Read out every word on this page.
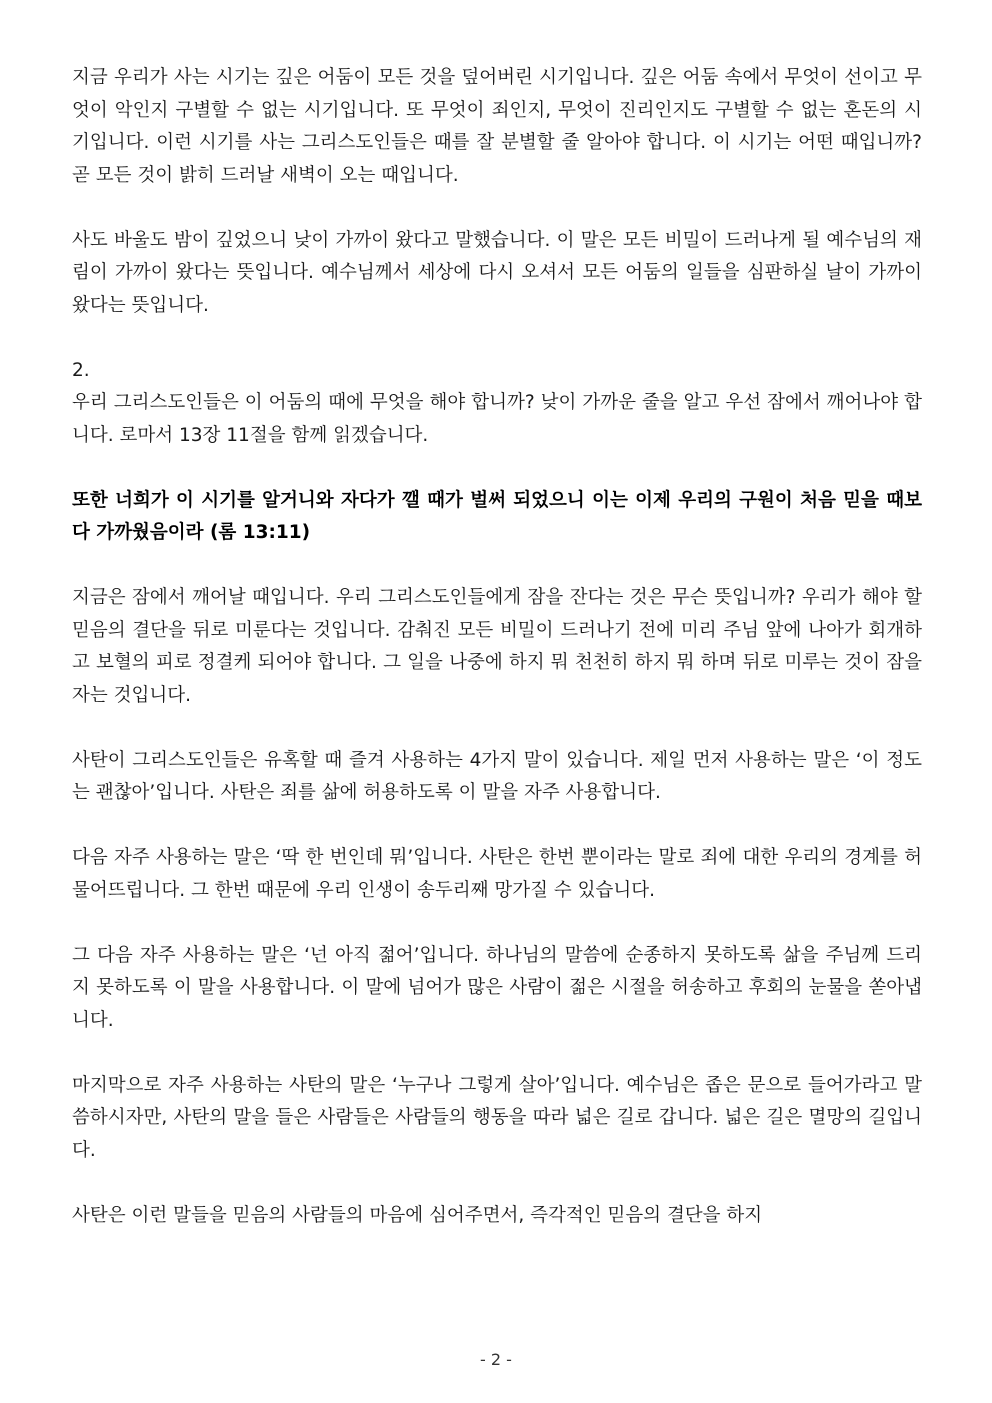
지금 우리가 사는 시기는 깊은 어둠이 모든 것을 덮어버린 시기입니다. 깊은 어둠 속에서 무엇이 선이고 무엇이 악인지 구별할 수 없는 시기입니다. 또 무엇이 죄인지, 무엇이 진리인지도 구별할 수 없는 혼돈의 시기입니다. 이런 시기를 사는 그리스도인들은 때를 잘 분별할 줄 알아야 합니다. 이 시기는 어떤 때입니까? 곧 모든 것이 밝히 드러날 새벽이 오는 때입니다.

사도 바울도 밤이 깊었으니 낮이 가까이 왔다고 말했습니다. 이 말은 모든 비밀이 드러나게 될 예수님의 재림이 가까이 왔다는 뜻입니다. 예수님께서 세상에 다시 오셔서 모든 어둠의 일들을 심판하실 날이 가까이 왔다는 뜻입니다.

2.

우리 그리스도인들은 이 어둠의 때에 무엇을 해야 합니까? 낮이 가까운 줄을 알고 우선 잠에서 깨어나야 합니다. 로마서 13장 11절을 함께 읽겠습니다.

또한 너희가 이 시기를 알거니와 자다가 깰 때가 벌써 되었으니 이는 이제 우리의 구원이 처음 믿을 때보다 가까웠음이라 (롬 13:11)

지금은 잠에서 깨어날 때입니다. 우리 그리스도인들에게 잠을 잔다는 것은 무슨 뜻입니까? 우리가 해야 할 믿음의 결단을 뒤로 미룬다는 것입니다. 감춰진 모든 비밀이 드러나기 전에 미리 주님 앞에 나아가 회개하고 보혈의 피로 정결케 되어야 합니다. 그 일을 나중에 하지 뭐 천천히 하지 뭐 하며 뒤로 미루는 것이 잠을 자는 것입니다.

사탄이 그리스도인들은 유혹할 때 즐겨 사용하는 4가지 말이 있습니다. 제일 먼저 사용하는 말은 ‘이 정도는 괜찮아’입니다. 사탄은 죄를 삶에 허용하도록 이 말을 자주 사용합니다.

다음 자주 사용하는 말은 ‘딱 한 번인데 뭐’입니다. 사탄은 한번 뿐이라는 말로 죄에 대한 우리의 경계를 허물어뜨립니다. 그 한번 때문에 우리 인생이 송두리째 망가질 수 있습니다.

그 다음 자주 사용하는 말은 ‘넌 아직 젊어’입니다. 하나님의 말씀에 순종하지 못하도록 삶을 주님께 드리지 못하도록 이 말을 사용합니다. 이 말에 넘어가 많은 사람이 젊은 시절을 허송하고 후회의 눈물을 쏟아냅니다.

마지막으로 자주 사용하는 사탄의 말은 ‘누구나 그렇게 살아’입니다. 예수님은 좁은 문으로 들어가라고 말씀하시자만, 사탄의 말을 들은 사람들은 사람들의 행동을 따라 넓은 길로 갑니다. 넓은 길은 멸망의 길입니다.

사탄은 이런 말들을 믿음의 사람들의 마음에 심어주면서, 즉각적인 믿음의 결단을 하지

- 2 -
